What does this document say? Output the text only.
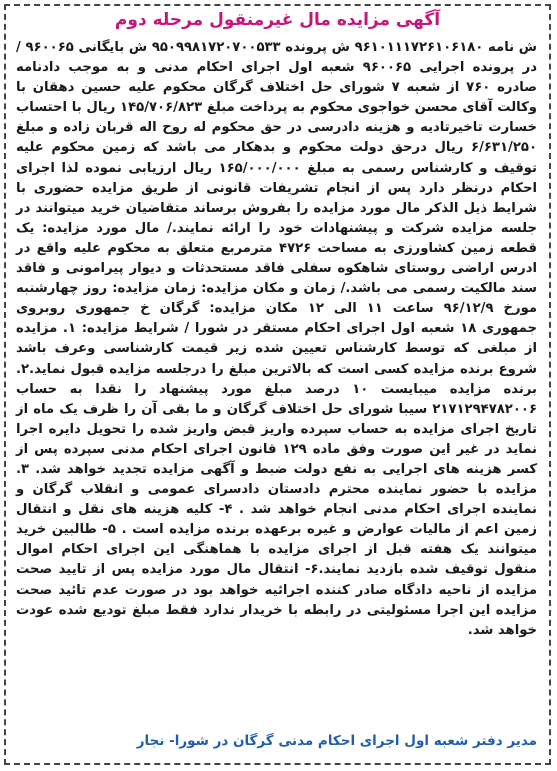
آگهی مزایده مال غیرمنقول مرحله دوم

ش نامه ۹۶۱۰۱۱۱۷۲۶۱۰۶۱۸۰ ش پرونده ۹۵۰۹۹۸۱۷۲۰۷۰۰۵۳۳ ش بایگانی ۹۶۰۰۶۵ / در پرونده اجرایی ۹۶۰۰۶۵ شعبه اول اجرای احکام مدنی و به موجب دادنامه صادره ۷۶۰ از شعبه ۷ شورای حل اختلاف گرگان محکوم علیه حسین دهقان با وکالت آقای محسن خواجوی محکوم به پرداخت مبلغ ۱۴۵/۷۰۶/۸۲۳ ریال با احتساب خسارت تاخیرتادیه و هزینه دادرسی در حق محکوم له روح اله قربان زاده و مبلغ ۶/۶۳۱/۲۵۰ ریال درحق دولت محکوم و بدهکار می باشد که زمین محکوم علیه توقیف و کارشناس رسمی به مبلغ ۱۶۵/۰۰۰/۰۰۰ ریال ارزیابی نموده لذا اجرای احکام درنظر دارد پس از انجام تشریفات قانونی از طریق مزایده حضوری با شرایط ذیل الذکر مال مورد مزایده را بفروش برساند متقاضیان خرید میتوانند در جلسه مزایده شرکت و پیشنهادات خود را ارائه نمایند./ مال مورد مزایده: یک قطعه زمین کشاورزی به مساحت ۴۷۲۶ مترمربع متعلق به محکوم علیه واقع در ادرس اراضی روستای شاهکوه سفلی فاقد مستحدثات و دیوار پیرامونی و فاقد سند مالکیت رسمی می باشد./ زمان و مکان مزایده: زمان مزایده: روز چهارشنبه مورخ ۹۶/۱۲/۹ ساعت ۱۱ الی ۱۲ مکان مزایده: گرگان خ جمهوری روبروی جمهوری ۱۸ شعبه اول اجرای احکام مستقر در شورا / شرایط مزایده: ۱. مزایده از مبلغی که توسط کارشناس تعیین شده زیر قیمت کارشناسی وعرف باشد شروع برنده مزایده کسی است که بالاترین مبلغ را درجلسه مزایده قبول نماید.۲. برنده مزایده میبایست ۱۰ درصد مبلغ مورد پیشنهاد را نقدا به حساب ۲۱۷۱۲۹۴۷۸۲۰۰۶ سیبا شورای حل اختلاف گرگان و ما بقی آن را ظرف یک ماه از تاریخ اجرای مزایده به حساب سپرده واریز قبض واریز شده را تحویل دایره اجرا نماید در غیر این صورت وفق ماده ۱۲۹ قانون اجرای احکام مدنی سپرده پس از کسر هزینه های اجرایی به نفع دولت ضبط و آگهی مزایده تجدید خواهد شد. ۳. مزایده با حضور نماینده محترم دادستان دادسرای عمومی و انقلاب گرگان و نماینده اجرای احکام مدنی انجام خواهد شد . ۴- کلیه هزینه های نقل و انتقال زمین اعم از مالیات عوارض و غیره برعهده برنده مزایده است . ۵- طالبین خرید میتوانند یک هفته قبل از اجرای مزایده با هماهنگی این اجرای احکام اموال منقول توقیف شده بازدید نمایند.۶- انتقال مال مورد مزایده پس از تایید صحت مزایده از ناحیه دادگاه صادر کننده اجرائیه خواهد بود در صورت عدم تائید صحت مزایده این اجرا مسئولیتی در رابطه با خریدار ندارد فقط مبلغ تودیع شده عودت خواهد شد.

مدیر دفتر شعبه اول اجرای احکام مدنی گرگان در شورا- نجار
